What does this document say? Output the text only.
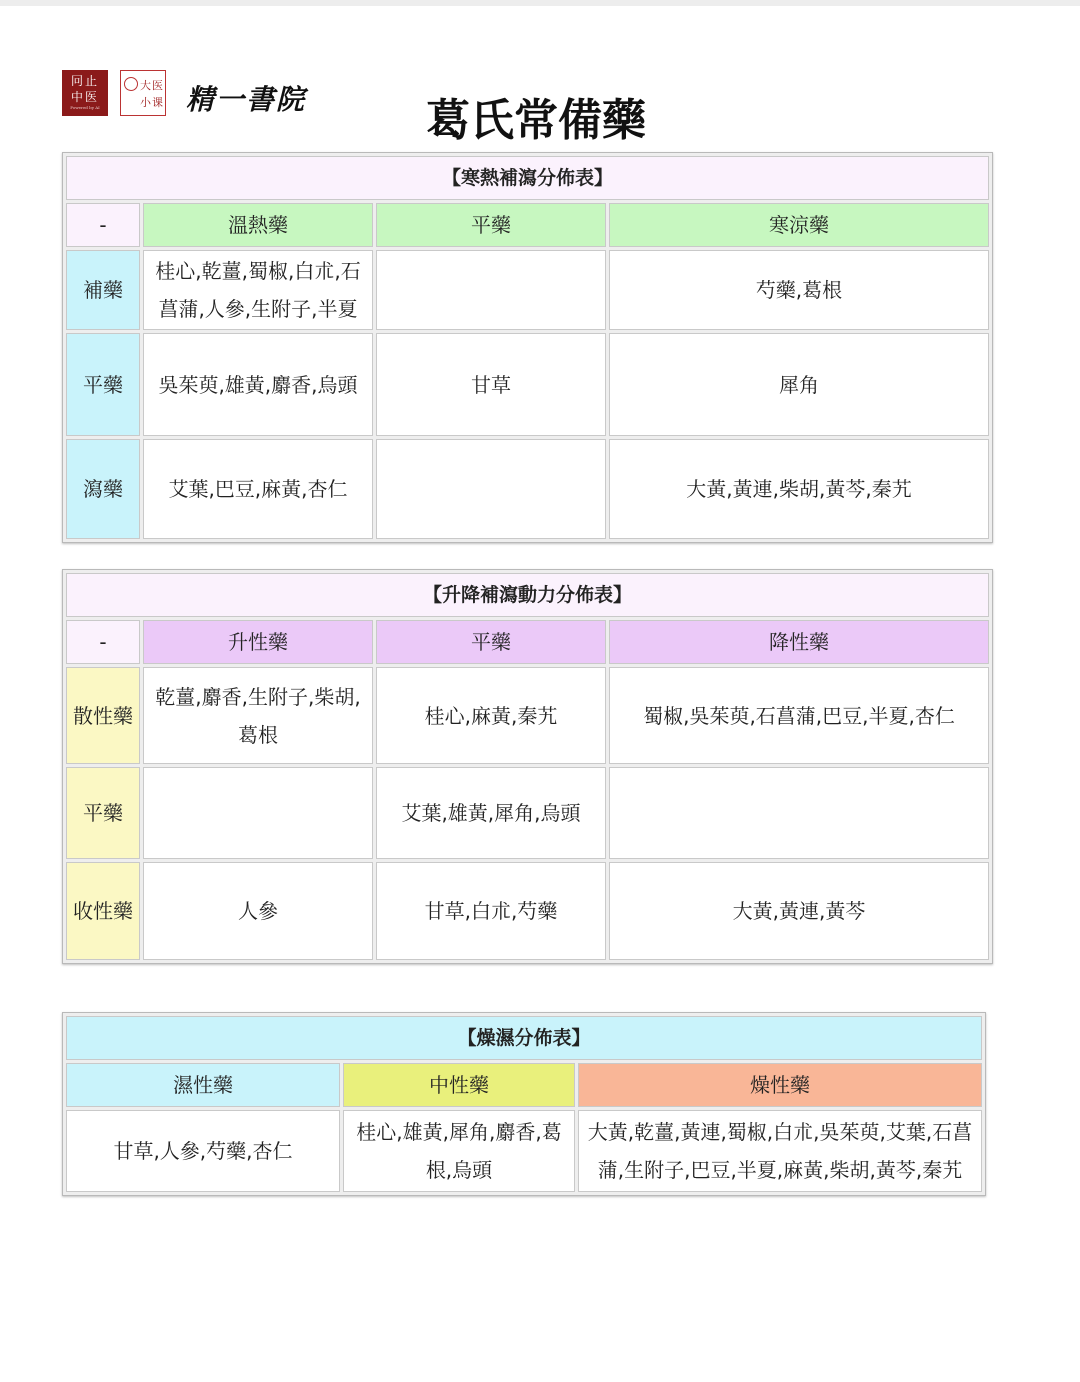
冋止
中医
Powered by AI
大医
小课 精一書院	葛氏常備藥
【寒熱補瀉分佈表】			
-	溫熱藥	平藥	寒涼藥
補藥	桂心,乾薑,蜀椒,白朮,石菖蒲,人參,生附子,半夏		芍藥,葛根
平藥	吳茱萸,雄黃,麝香,烏頭	甘草	犀角
瀉藥	艾葉,巴豆,麻黃,杏仁		大黃,黃連,柴胡,黃芩,秦艽
【升降補瀉動力分佈表】			
-	升性藥	平藥	降性藥
散性藥	乾薑,麝香,生附子,柴胡,葛根	桂心,麻黃,秦艽	蜀椒,吳茱萸,石菖蒲,巴豆,半夏,杏仁
平藥		艾葉,雄黃,犀角,烏頭	
收性藥	人參	甘草,白朮,芍藥	大黃,黃連,黃芩
【燥濕分佈表】		
濕性藥	中性藥	燥性藥
甘草,人參,芍藥,杏仁	桂心,雄黃,犀角,麝香,葛根,烏頭	大黃,乾薑,黃連,蜀椒,白朮,吳茱萸,艾葉,石菖蒲,生附子,巴豆,半夏,麻黃,柴胡,黃芩,秦艽
